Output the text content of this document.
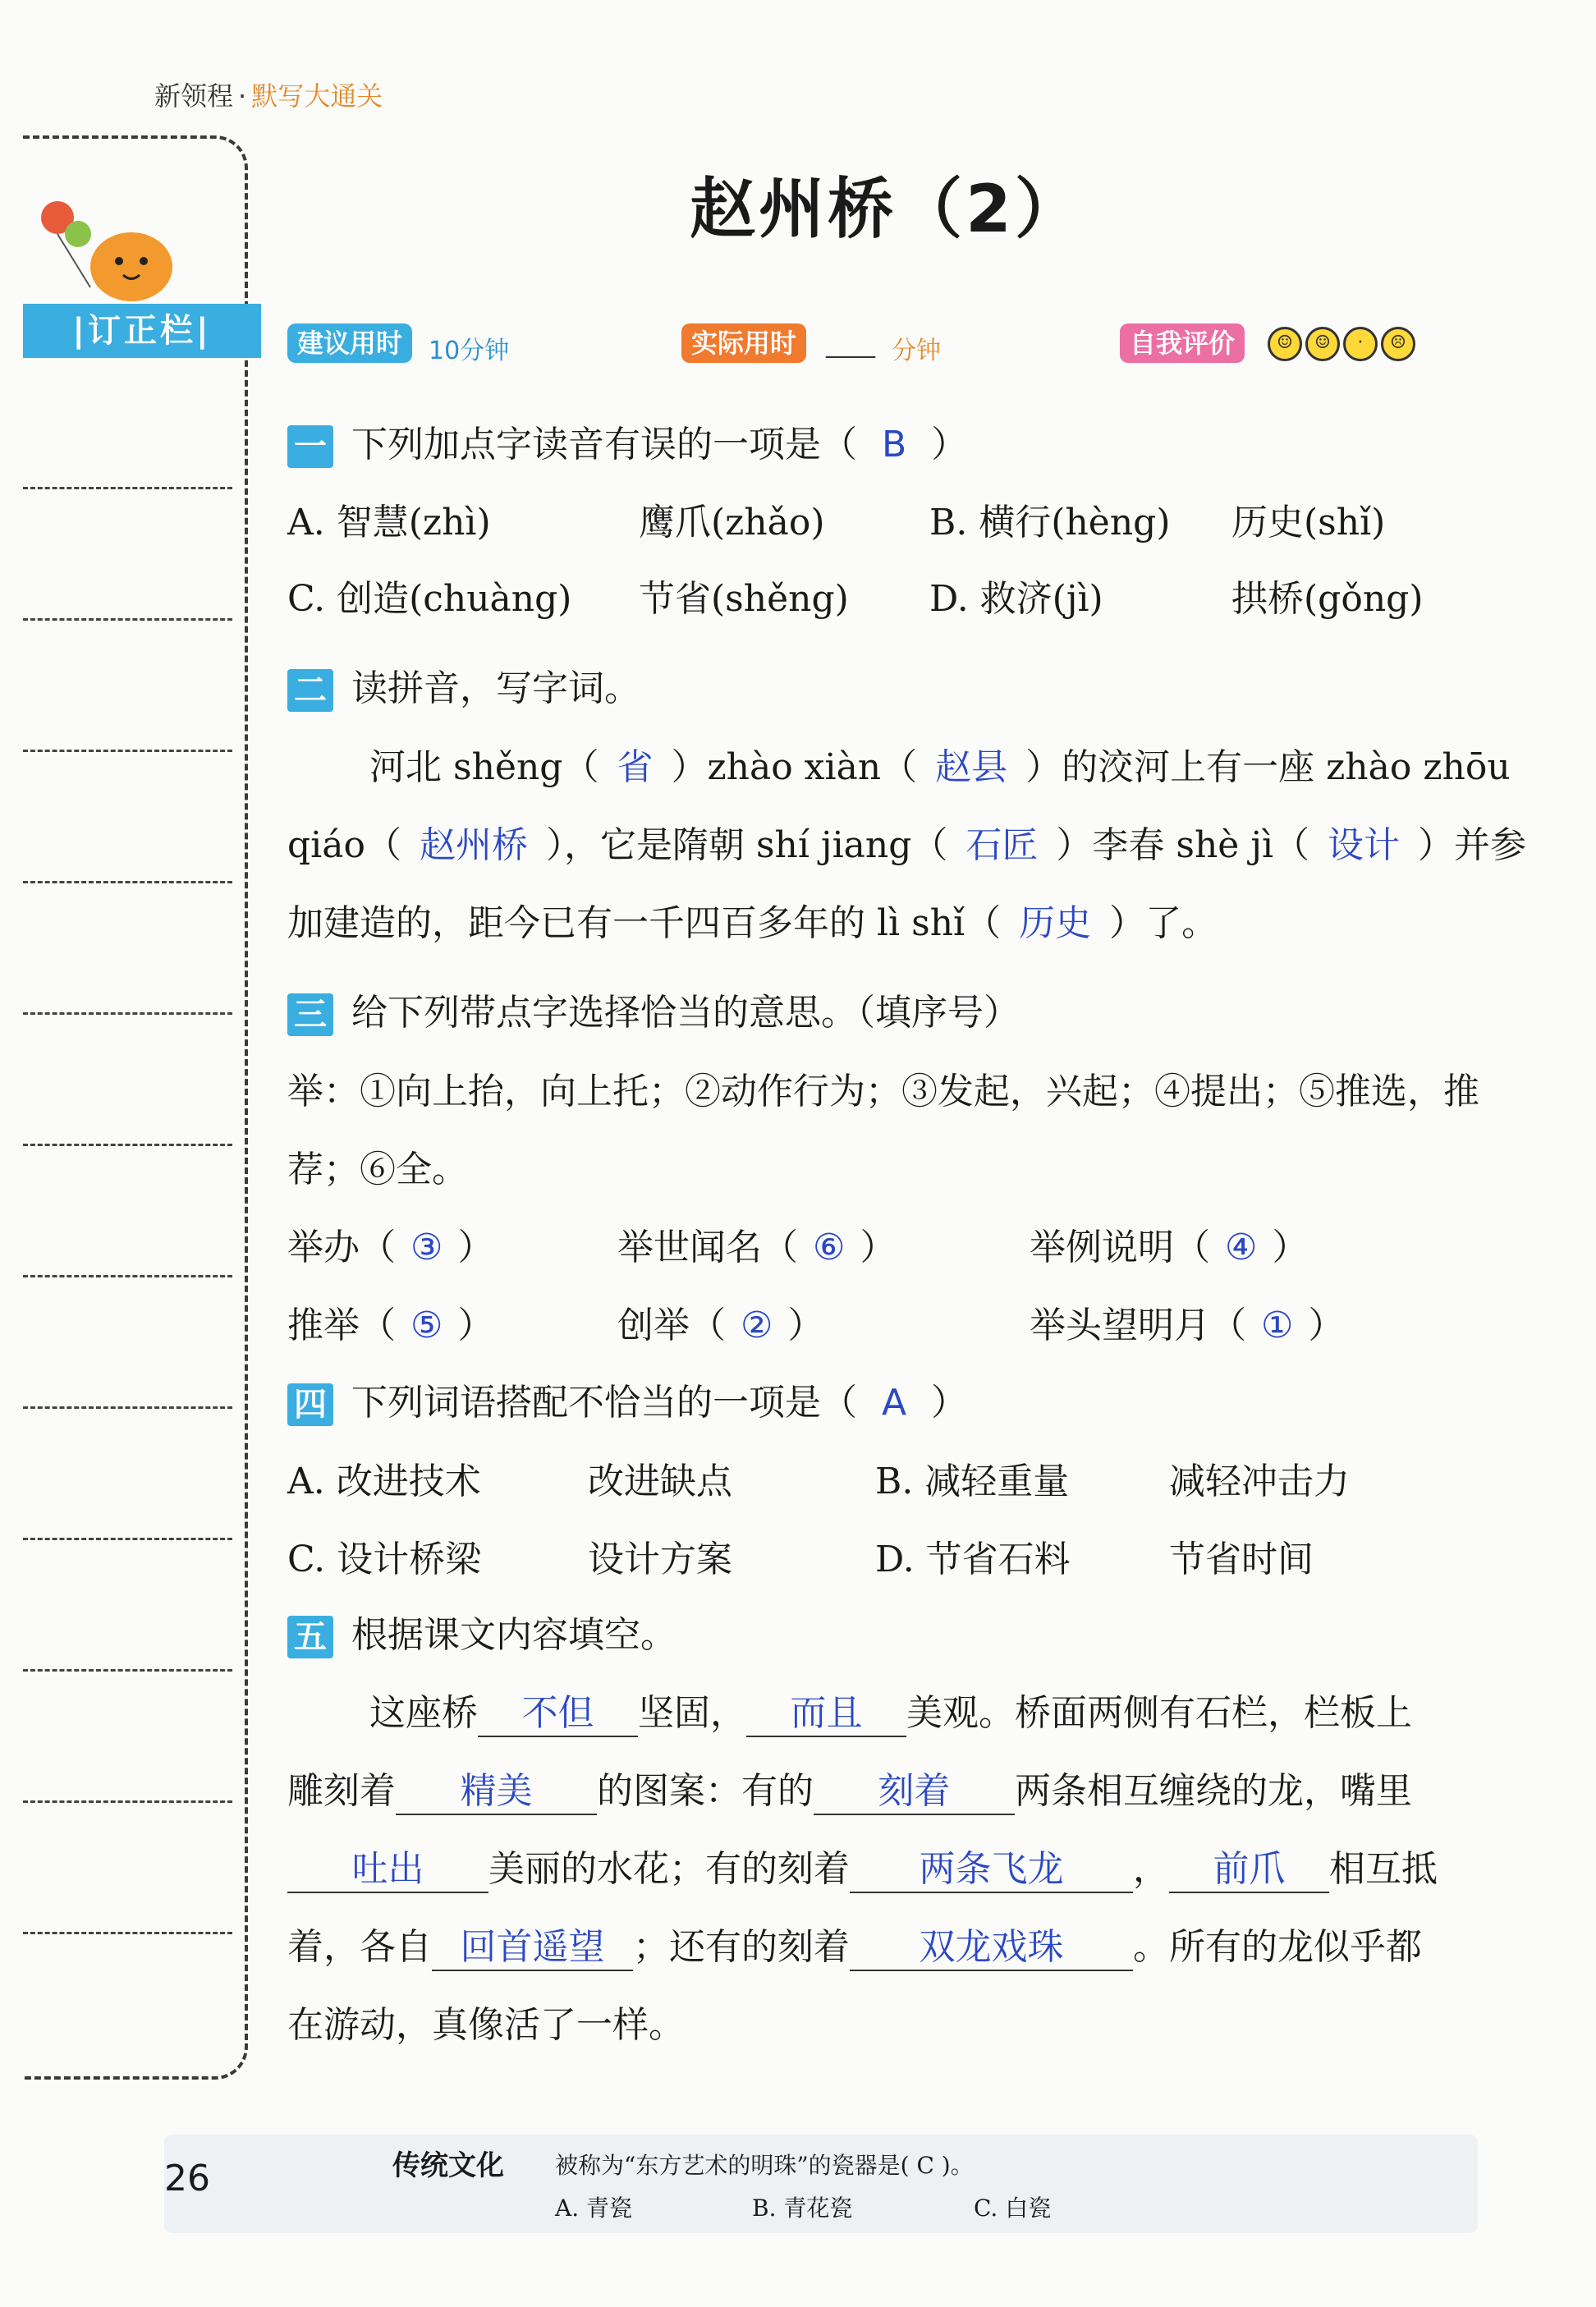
新领程 · 默写大通关
|订正栏|
赵州桥（2）
建议用时	10分钟	实际用时	____ 分钟	自我评价	☺ ☺ · ☹
一 下列加点字读音有误的一项是（ B ）
A. 智慧(zhì)	鹰爪(zhǎo)	B. 横行(hèng) 历史(shǐ)
C. 创造(chuàng) 节省(shěng) D. 救济(jì)	拱桥(gǒng)
二 读拼音，写字词。
河北 shěng（ 省 ）zhào xiàn（ 赵县 ）的洨河上有一座 zhào zhōu
qiáo（ 赵州桥 ），它是隋朝 shí jiang（ 石匠 ）李春 shè jì（ 设计 ）并参
加建造的，距今已有一千四百多年的 lì shǐ（ 历史 ）了。
三 给下列带点字选择恰当的意思。（填序号）
举：①向上抬，向上托；②动作行为；③发起，兴起；④提出；⑤推选，推
荐；⑥全。
举办（ ③ ）	举世闻名（ ⑥ ）	举例说明（ ④ ）
推举（ ⑤ ）	创举（ ② ）	举头望明月（ ① ）
四 下列词语搭配不恰当的一项是（ A ）
A. 改进技术	改进缺点	B. 减轻重量	减轻冲击力
C. 设计桥梁	设计方案	D. 节省石料	节省时间
五 根据课文内容填空。
这座桥 不但 坚固， 而且 美观。桥面两侧有石栏，栏板上
雕刻着 精美 的图案：有的 刻着 两条相互缠绕的龙，嘴里
吐出 美丽的水花；有的刻着 两条飞龙 ， 前爪 相互抵
着，各自 回首遥望 ；还有的刻着 双龙戏珠 。所有的龙似乎都
在游动，真像活了一样。
26	传统文化 被称为“东方艺术的明珠”的瓷器是( C )。
A. 青瓷	B. 青花瓷	C. 白瓷
